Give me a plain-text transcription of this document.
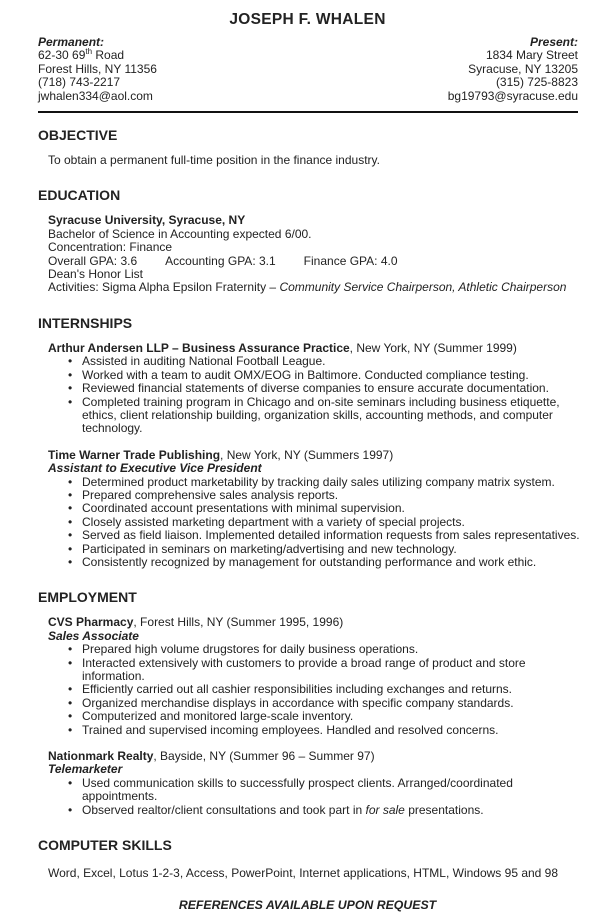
JOSEPH F. WHALEN
Permanent:
62-30 69th Road
Forest Hills, NY 11356
(718) 743-2217
jwhalen334@aol.com
Present:
1834 Mary Street
Syracuse, NY 13205
(315) 725-8823
bg19793@syracuse.edu
OBJECTIVE
To obtain a permanent full-time position in the finance industry.
EDUCATION
Syracuse University, Syracuse, NY
Bachelor of Science in Accounting expected 6/00.
Concentration: Finance
Overall GPA: 3.6 Accounting GPA: 3.1 Finance GPA: 4.0
Dean's Honor List
Activities: Sigma Alpha Epsilon Fraternity – Community Service Chairperson, Athletic Chairperson
INTERNSHIPS
Arthur Andersen LLP – Business Assurance Practice, New York, NY (Summer 1999)
• Assisted in auditing National Football League.
• Worked with a team to audit OMX/EOG in Baltimore. Conducted compliance testing.
• Reviewed financial statements of diverse companies to ensure accurate documentation.
• Completed training program in Chicago and on-site seminars including business etiquette, ethics, client relationship building, organization skills, accounting methods, and computer technology.
Time Warner Trade Publishing, New York, NY (Summers 1997)
Assistant to Executive Vice President
• Determined product marketability by tracking daily sales utilizing company matrix system.
• Prepared comprehensive sales analysis reports.
• Coordinated account presentations with minimal supervision.
• Closely assisted marketing department with a variety of special projects.
• Served as field liaison. Implemented detailed information requests from sales representatives.
• Participated in seminars on marketing/advertising and new technology.
• Consistently recognized by management for outstanding performance and work ethic.
EMPLOYMENT
CVS Pharmacy, Forest Hills, NY (Summer 1995, 1996)
Sales Associate
• Prepared high volume drugstores for daily business operations.
• Interacted extensively with customers to provide a broad range of product and store information.
• Efficiently carried out all cashier responsibilities including exchanges and returns.
• Organized merchandise displays in accordance with specific company standards.
• Computerized and monitored large-scale inventory.
• Trained and supervised incoming employees. Handled and resolved concerns.
Nationmark Realty, Bayside, NY (Summer 96 – Summer 97)
Telemarketer
• Used communication skills to successfully prospect clients. Arranged/coordinated appointments.
• Observed realtor/client consultations and took part in for sale presentations.
COMPUTER SKILLS
Word, Excel, Lotus 1-2-3, Access, PowerPoint, Internet applications, HTML, Windows 95 and 98
REFERENCES AVAILABLE UPON REQUEST
